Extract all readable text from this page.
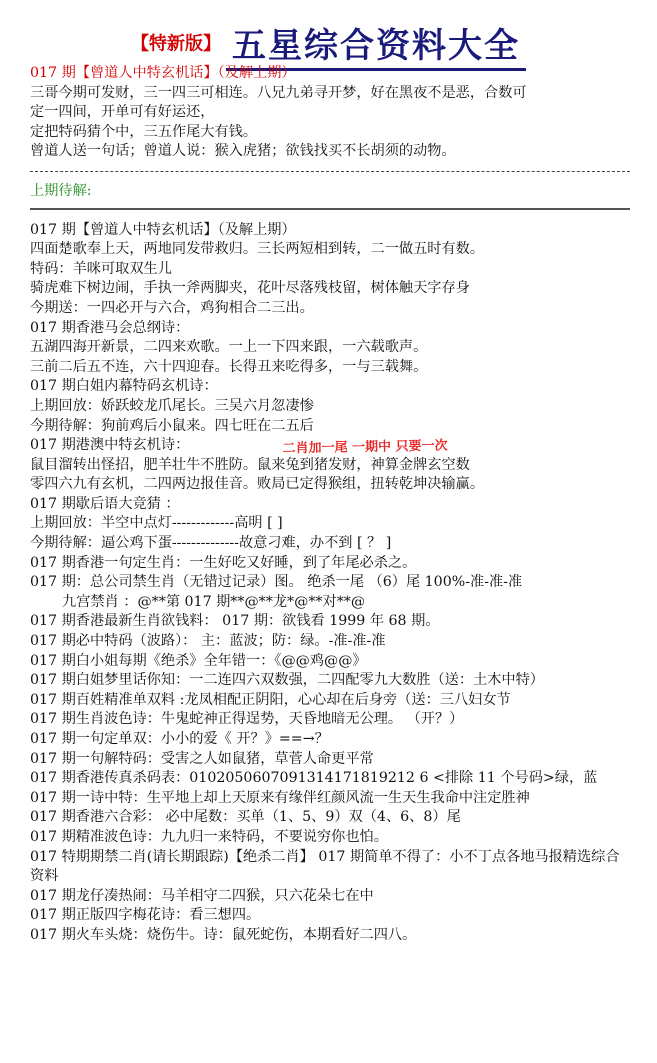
【特新版】 五星综合资料大全
017 期【曾道人中特玄机话】（及解上期）
三哥今期可发财，三一四三可相连。八兄九弟寻开梦，好在黑夜不是恶，合数可
定一四间，开单可有好运还，
定把特码猜个中，三五作尾大有钱。
曾道人送一句话；曾道人说：猴入虎猪；欲钱找买不长胡须的动物。
上期待解:
017 期【曾道人中特玄机话】（及解上期）
四面楚歌奉上天，两地同发带救归。三长两短相到转，二一做五时有数。
特码：羊咪可取双生儿
骑虎难下树边闹，手执一斧两脚夹，花叶尽落残枝留，树体触天字存身
今期送：一四必开与六合，鸡狗相合二三出。
017 期香港马会总纲诗：
五湖四海开新景，二四来欢歌。一上一下四来跟，一六载歌声。
三前二后五不连，六十四迎春。长得丑来吃得多，一与三载舞。
017 期白姐内幕特码玄机诗：
上期回放：娇跃蛟龙爪尾长。三吴六月忽凄惨
今期待解：狗前鸡后小鼠来。四七旺在二五后
017 期港澳中特玄机诗：
鼠目溜转出怪招，肥羊壮牛不胜防。鼠来兔到猪发财，神算金牌玄空数
零四六九有玄机，二四两边报佳音。败局已定得猴组，扭转乾坤决输赢。
017 期歇后语大竞猜 ：
上期回放：半空中点灯-------------高明 [ ]
今期待解：逼公鸡下蛋--------------故意刁难，办不到 [ ？ ]
017 期香港一句定生肖：一生好吃又好睡，到了年尾必杀之。
017 期：总公司禁生肖（无错过记录）图。 绝杀一尾 （6）尾 100%-准-准-准
九宫禁肖 ：@**第 017 期**@**龙*@**对**@
017 期香港最新生肖欲钱料： 017 期：欲钱看 1999 年 68 期。
017 期必中特码（波路）： 主：蓝波；防：绿。-准-准-准
017 期白小姐每期《绝杀》全年错一：《@@鸡@@》
017 期白姐梦里话你知：一二连四六双数强，二四配零九大数胜（送：土木中特）
017 期百姓精准单双料 :龙凤相配正阴阳，心心却在后身旁（送：三八妇女节
017 期生肖波色诗：牛鬼蛇神正得逞势，天昏地暗无公理。 （开？）
017 期一句定单双：小小的爱《 开？》==→？
017 期一句解特码：受害之人如鼠猪，草菅人命更平常
017 期香港传真杀码表：0102050607091314171819212 6 <排除 11 个号码>绿，蓝
017 期一诗中特：生平地上却上天原来有缘伴红颜风流一生天生我命中注定胜神
017 期香港六合彩： 必中尾数：买单（1、5、9）双（4、6、8）尾
017 期精准波色诗：九九归一来特码，不要说穷你也怕。
017 特期期禁二肖(请长期跟踪)【绝杀二肖】 017 期简单不得了：小不丁点各地马报精选综合资料
017 期龙仔凑热闹：马羊相守二四猴，只六花朵七在中
017 期正版四字梅花诗：看三想四。
017 期火车头烧：烧伤牛。诗：鼠死蛇伤，本期看好二四八。
二肖加一尾 一期中 只要一次
